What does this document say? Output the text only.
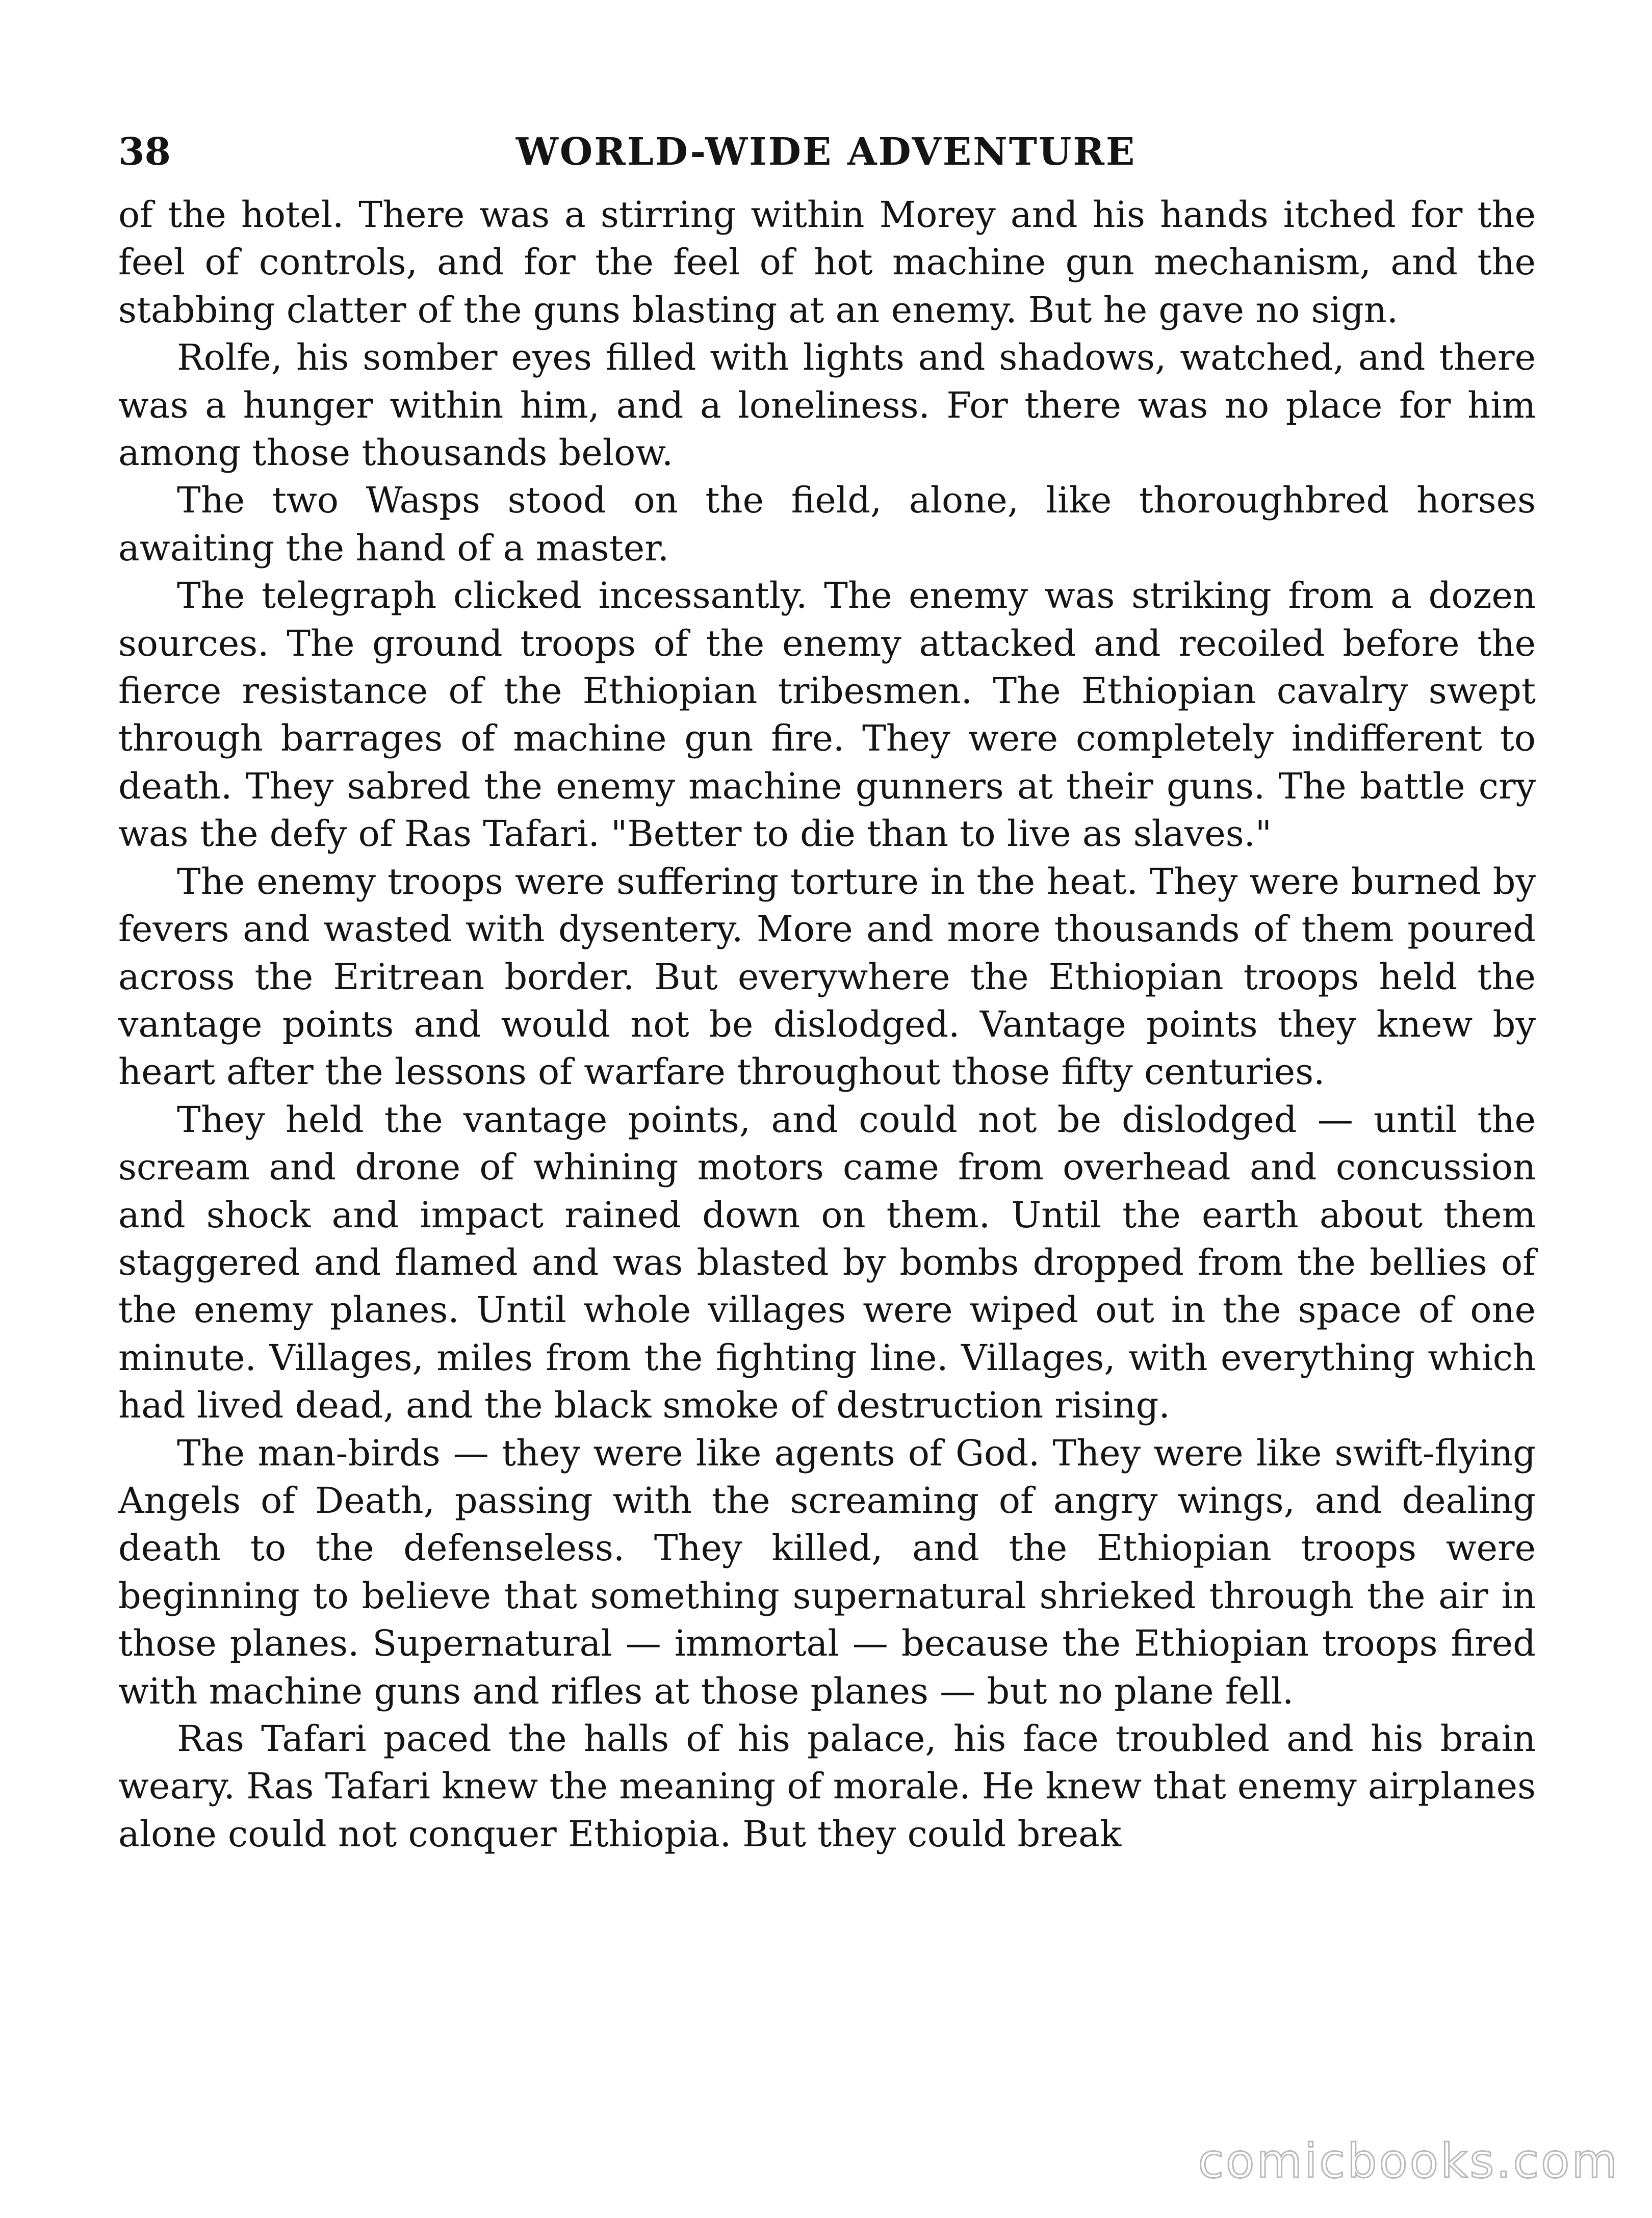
38	WORLD-WIDE ADVENTURE

of the hotel. There was a stirring within Morey and his hands itched for the feel of controls, and for the feel of hot machine gun mechanism, and the stabbing clatter of the guns blasting at an enemy. But he gave no sign.

Rolfe, his somber eyes filled with lights and shadows, watched, and there was a hunger within him, and a loneliness. For there was no place for him among those thousands below.

The two Wasps stood on the field, alone, like thoroughbred horses awaiting the hand of a master.

The telegraph clicked incessantly. The enemy was striking from a dozen sources. The ground troops of the enemy attacked and recoiled before the fierce resistance of the Ethiopian tribesmen. The Ethiopian cavalry swept through barrages of machine gun fire. They were completely indifferent to death. They sabred the enemy machine gunners at their guns. The battle cry was the defy of Ras Tafari. "Better to die than to live as slaves."

The enemy troops were suffering torture in the heat. They were burned by fevers and wasted with dysentery. More and more thousands of them poured across the Eritrean border. But everywhere the Ethiopian troops held the vantage points and would not be dislodged. Vantage points they knew by heart after the lessons of warfare throughout those fifty centuries.

They held the vantage points, and could not be dislodged — until the scream and drone of whining motors came from overhead and concussion and shock and impact rained down on them. Until the earth about them staggered and flamed and was blasted by bombs dropped from the bellies of the enemy planes. Until whole villages were wiped out in the space of one minute. Villages, miles from the fighting line. Villages, with everything which had lived dead, and the black smoke of destruction rising.

The man-birds — they were like agents of God. They were like swift-flying Angels of Death, passing with the screaming of angry wings, and dealing death to the defenseless. They killed, and the Ethiopian troops were beginning to believe that something supernatural shrieked through the air in those planes. Supernatural — immortal — because the Ethiopian troops fired with machine guns and rifles at those planes — but no plane fell.

Ras Tafari paced the halls of his palace, his face troubled and his brain weary. Ras Tafari knew the meaning of morale. He knew that enemy airplanes alone could not conquer Ethiopia. But they could break

comicbooks.com
